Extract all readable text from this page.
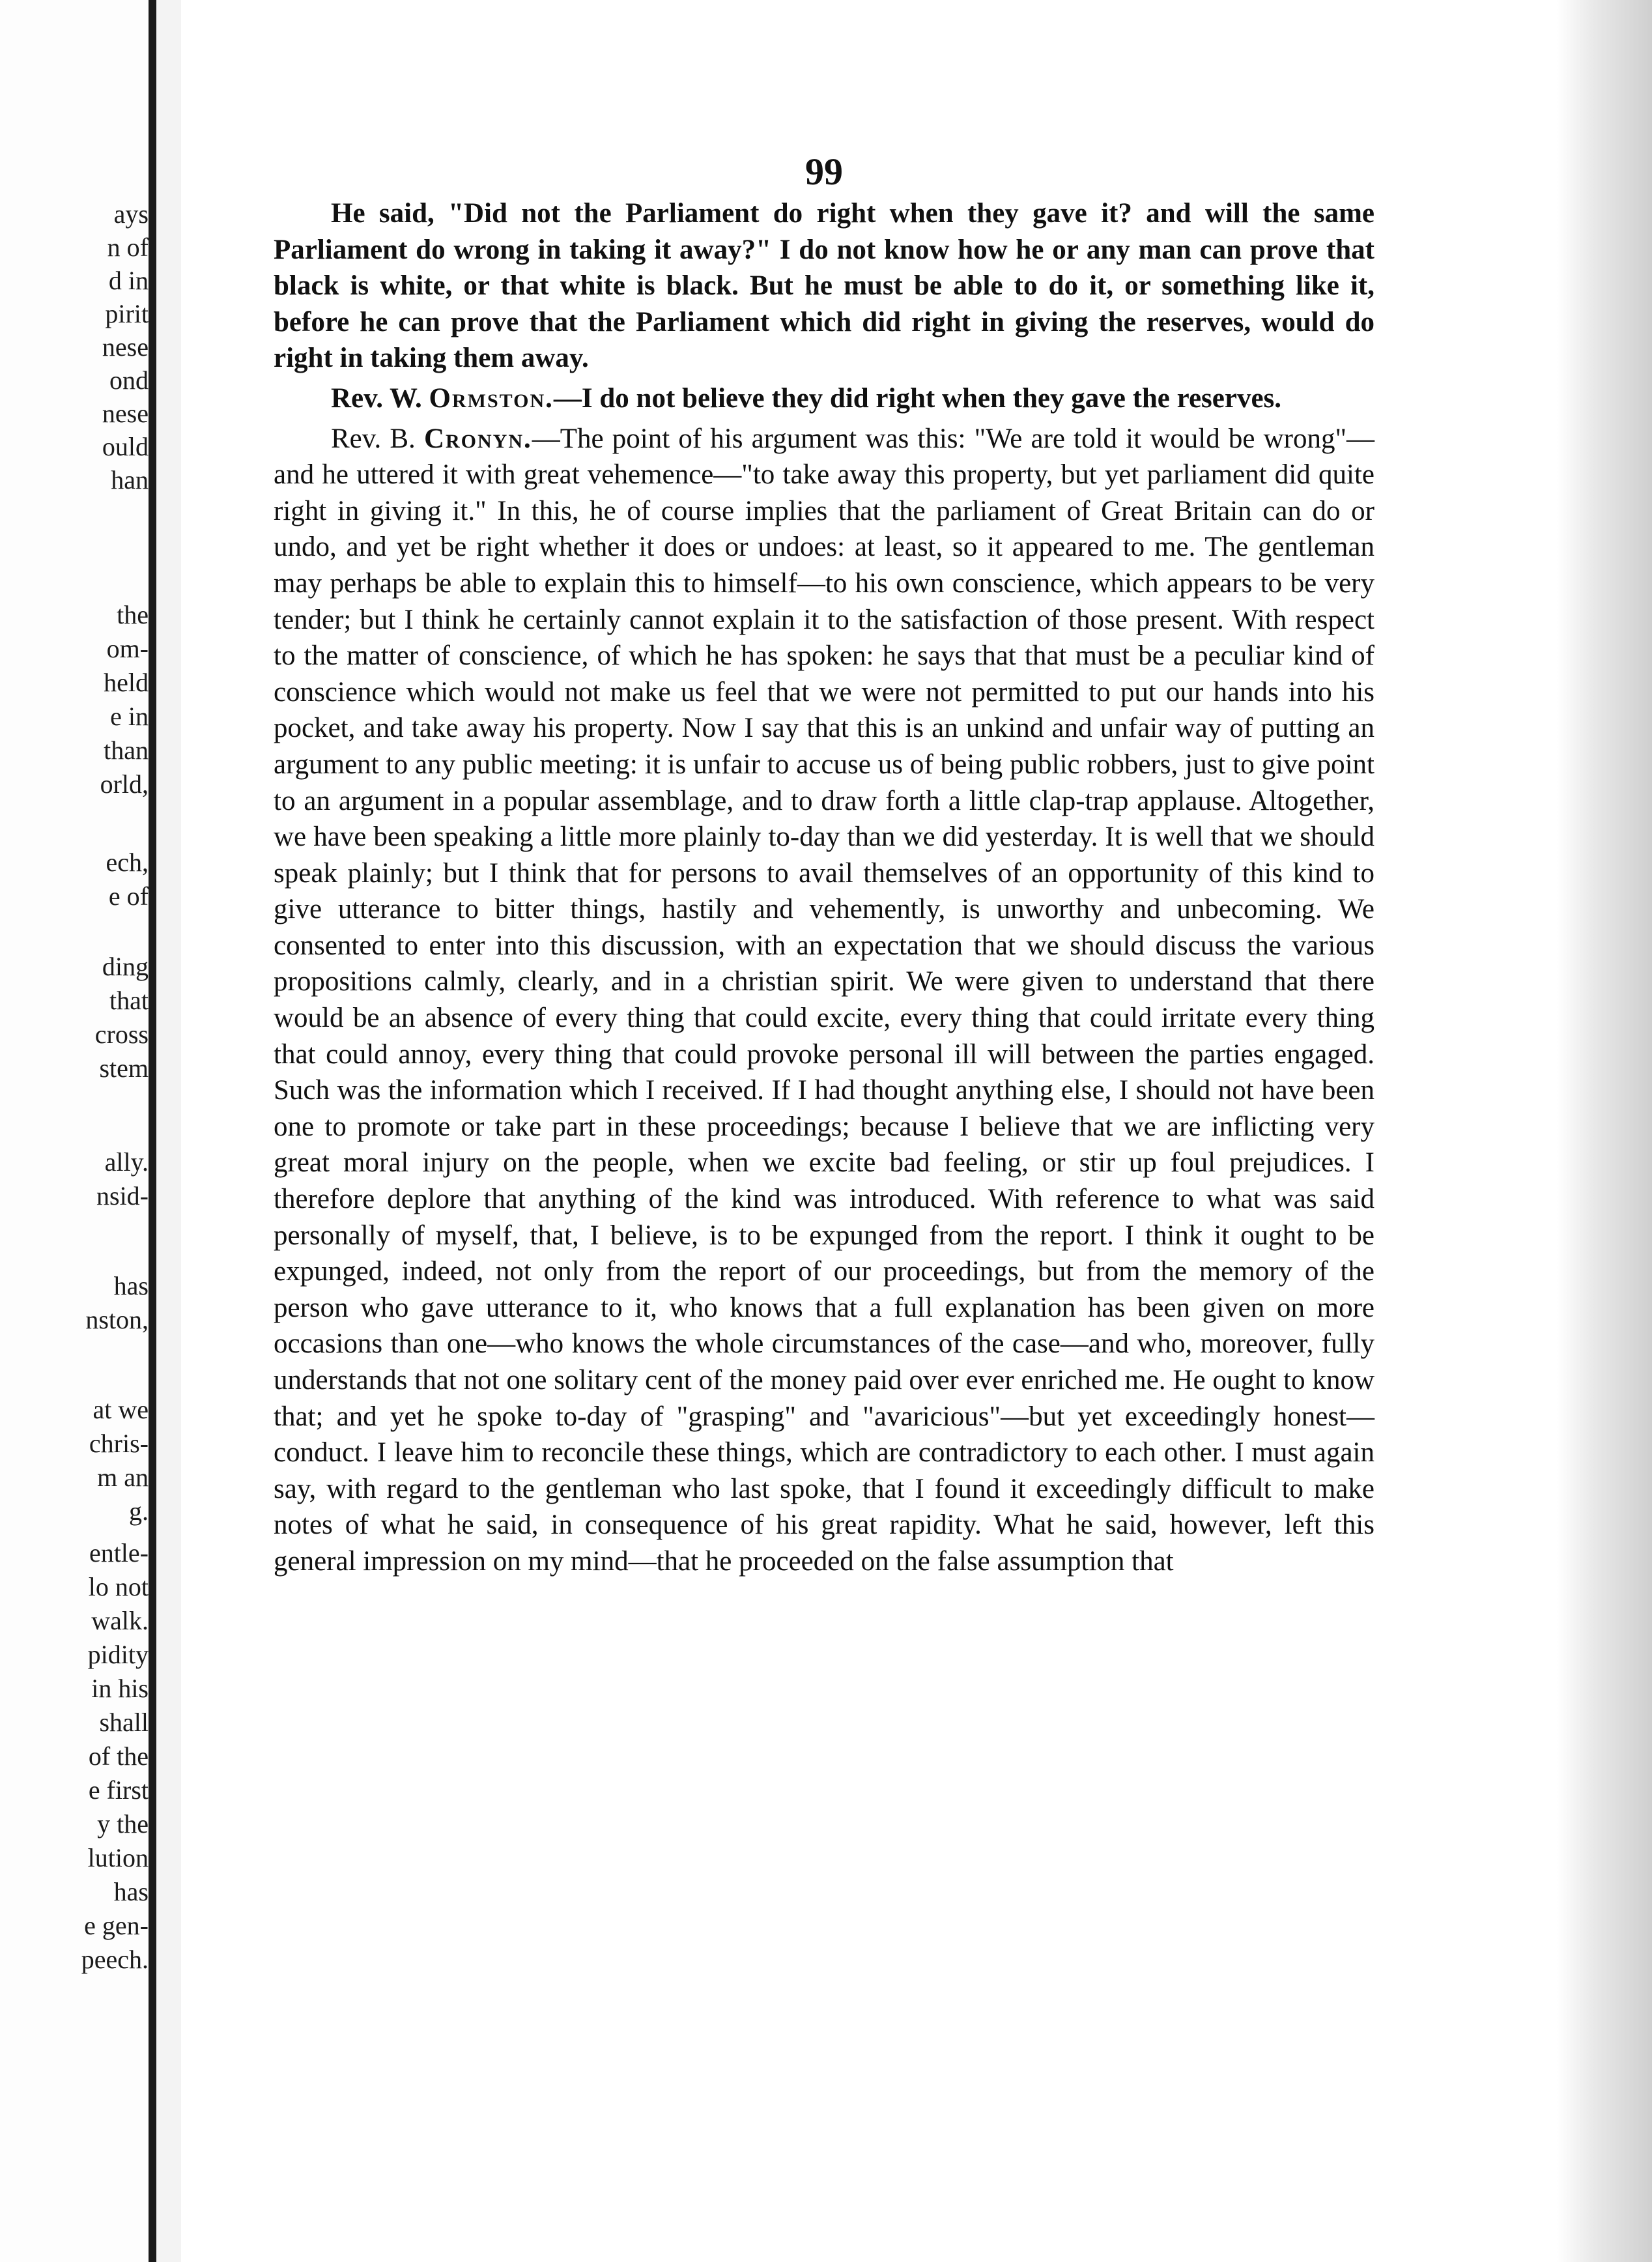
ays
n of
d in
pirit
nese
ond
nese
ould
han
the
om-
held
e in
than
orld,
ech,
e of
ding
that
cross
stem
ally.
nsid-
has
nston,
at we
chris-
m an
g.
entle-
lo not
walk.
pidity
in his
shall
of the
e first
y the
lution
has
e gen-
peech.
99

He said, "Did not the Parliament do right when they gave it? and will the same Parliament do wrong in taking it away?" I do not know how he or any man can prove that black is white, or that white is black. But he must be able to do it, or something like it, before he can prove that the Parliament which did right in giving the reserves, would do right in taking them away.

Rev. W. Ormston.—I do not believe they did right when they gave the reserves.

Rev. B. Cronyn.—The point of his argument was this: "We are told it would be wrong"—and he uttered it with great vehemence—"to take away this property, but yet parliament did quite right in giving it." In this, he of course implies that the parliament of Great Britain can do or undo, and yet be right whether it does or undoes: at least, so it appeared to me. The gentleman may perhaps be able to explain this to himself—to his own conscience, which appears to be very tender; but I think he certainly cannot explain it to the satisfaction of those present. With respect to the matter of conscience, of which he has spoken: he says that that must be a peculiar kind of conscience which would not make us feel that we were not permitted to put our hands into his pocket, and take away his property. Now I say that this is an unkind and unfair way of putting an argument to any public meeting: it is unfair to accuse us of being public robbers, just to give point to an argument in a popular assemblage, and to draw forth a little clap-trap applause. Altogether, we have been speaking a little more plainly to-day than we did yesterday. It is well that we should speak plainly; but I think that for persons to avail themselves of an opportunity of this kind to give utterance to bitter things, hastily and vehemently, is unworthy and unbecoming. We consented to enter into this discussion, with an expectation that we should discuss the various propositions calmly, clearly, and in a christian spirit. We were given to understand that there would be an absence of every thing that could excite, every thing that could irritate every thing that could annoy, every thing that could provoke personal ill will between the parties engaged. Such was the information which I received. If I had thought anything else, I should not have been one to promote or take part in these proceedings; because I believe that we are inflicting very great moral injury on the people, when we excite bad feeling, or stir up foul prejudices. I therefore deplore that anything of the kind was introduced. With reference to what was said personally of myself, that, I believe, is to be expunged from the report. I think it ought to be expunged, indeed, not only from the report of our proceedings, but from the memory of the person who gave utterance to it, who knows that a full explanation has been given on more occasions than one—who knows the whole circumstances of the case—and who, moreover, fully understands that not one solitary cent of the money paid over ever enriched me. He ought to know that; and yet he spoke to-day of "grasping" and "avaricious"—but yet exceedingly honest—conduct. I leave him to reconcile these things, which are contradictory to each other. I must again say, with regard to the gentleman who last spoke, that I found it exceedingly difficult to make notes of what he said, in consequence of his great rapidity. What he said, however, left this general impression on my mind—that he proceeded on the false assumption that
